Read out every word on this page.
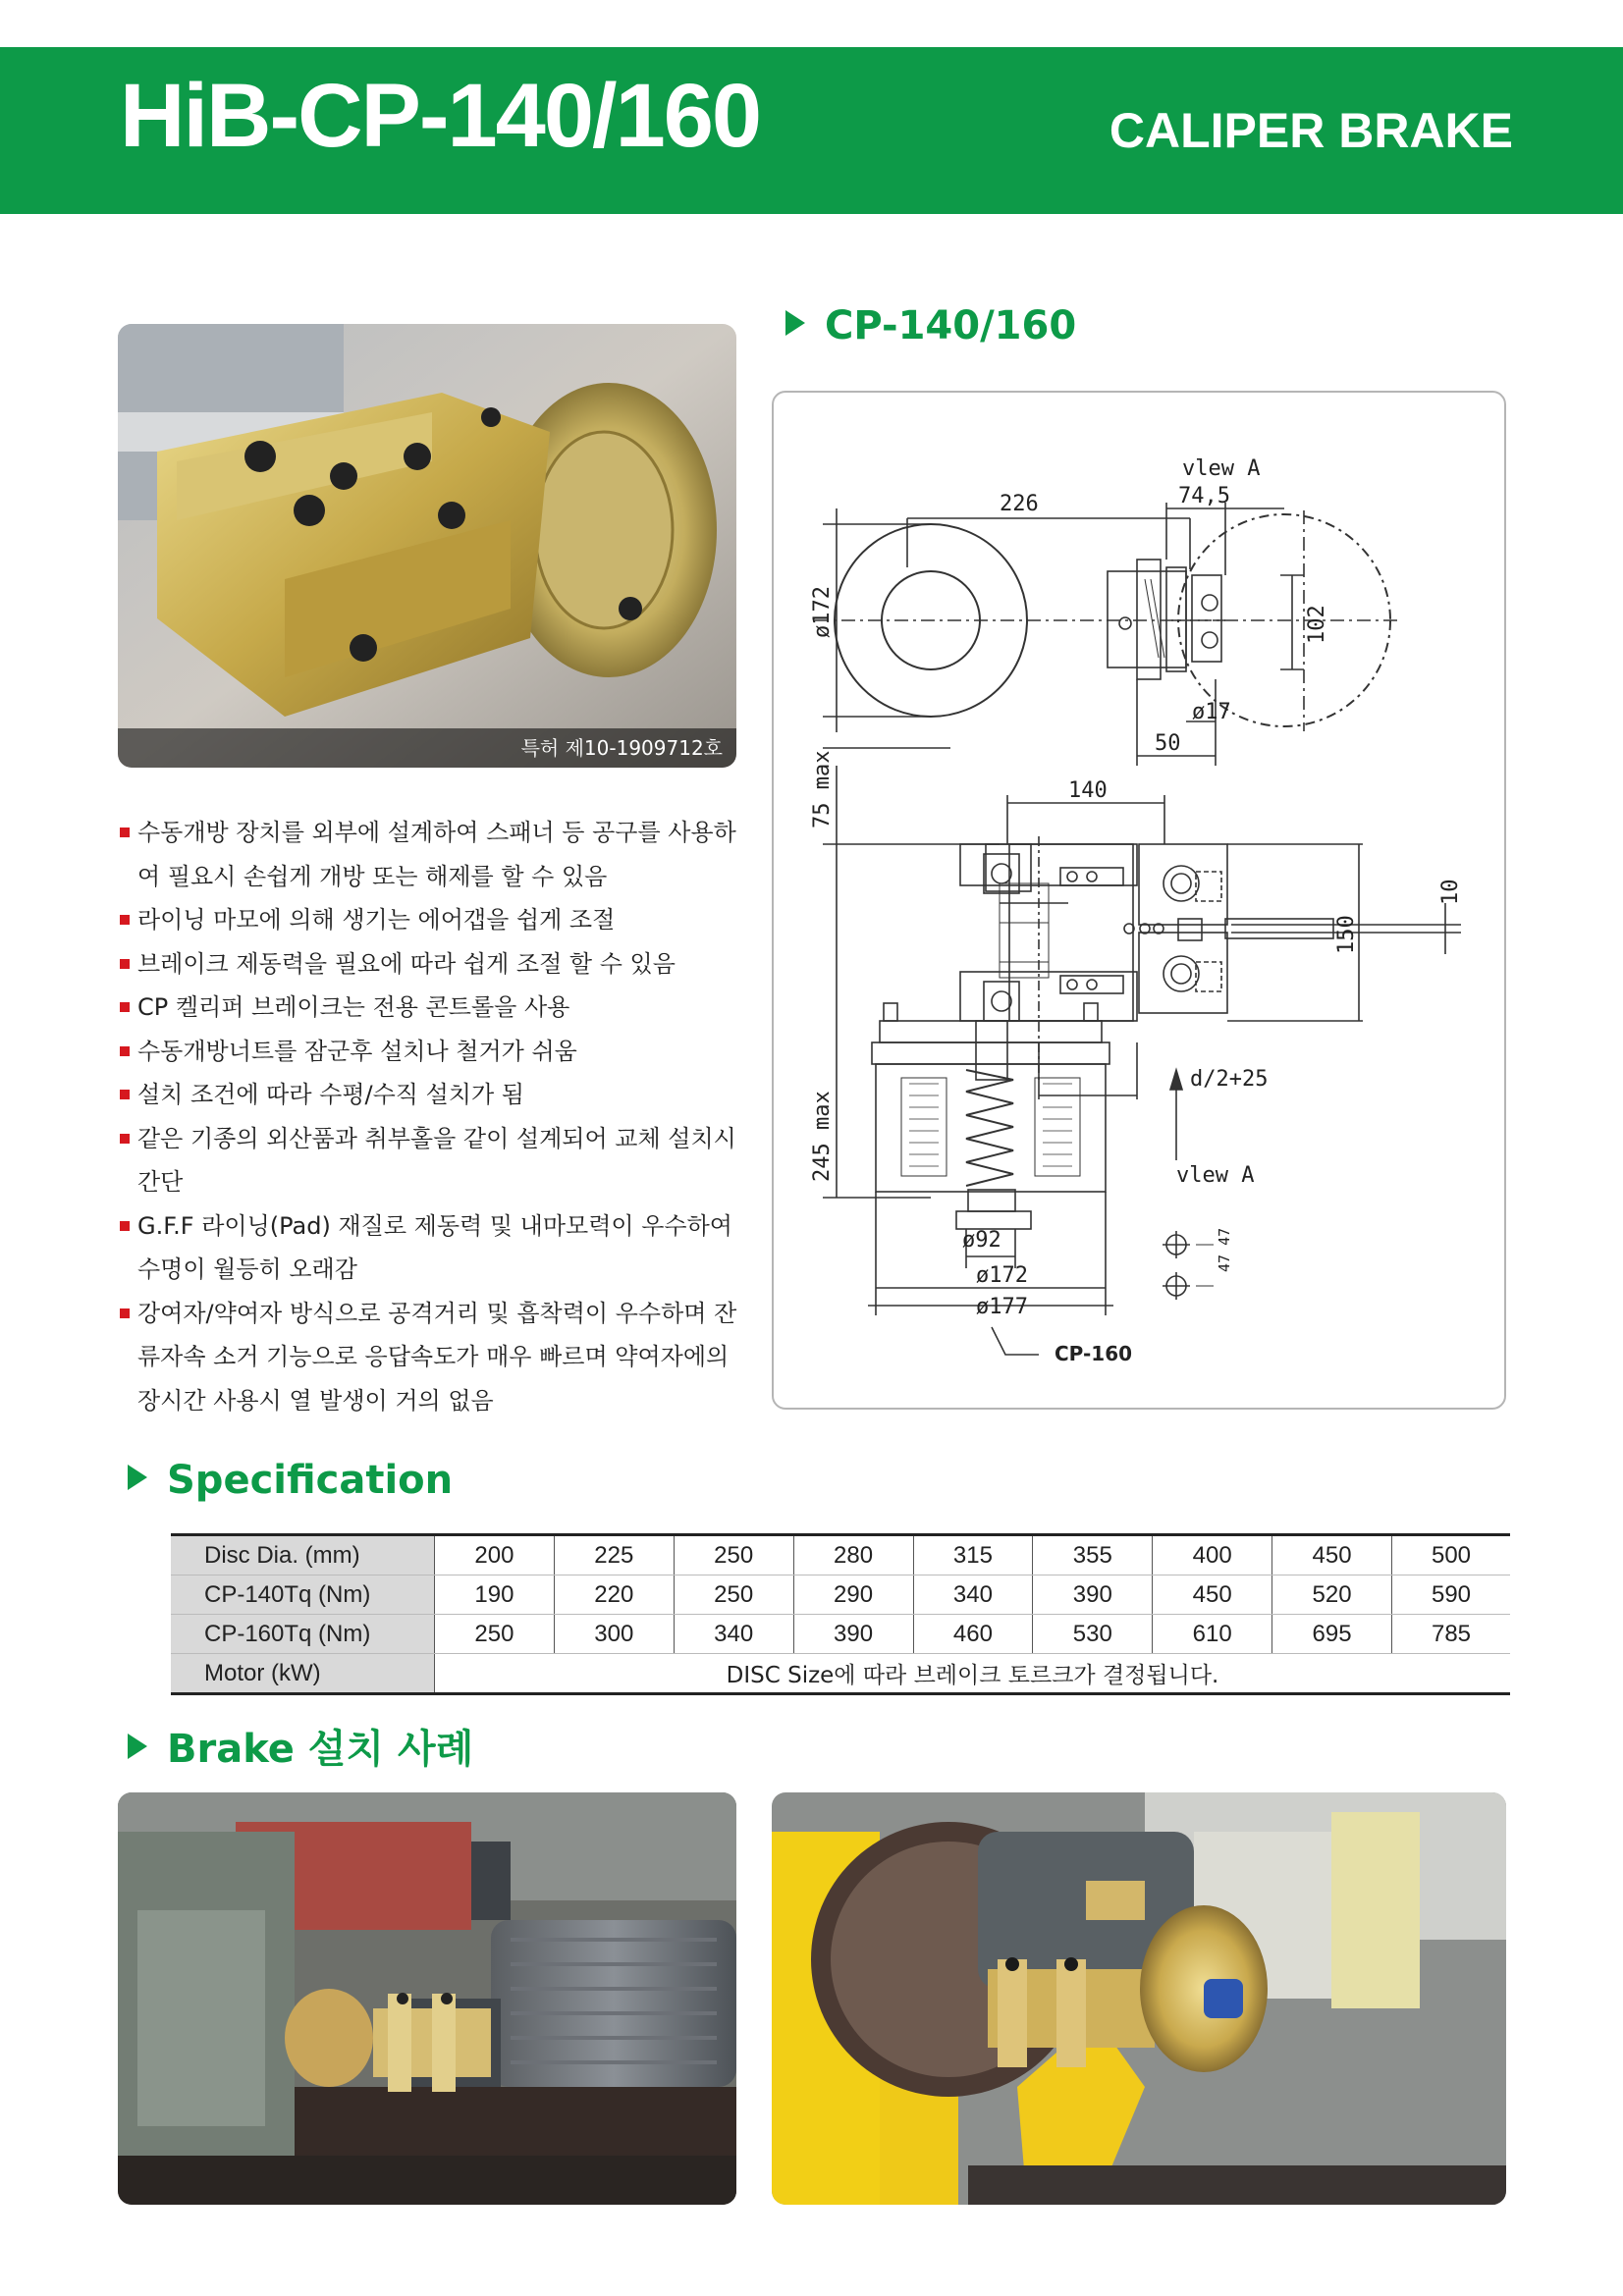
HiB-CP-140/160	CALIPER BRAKE
특허 제10-1909712호
수동개방 장치를 외부에 설계하여 스패너 등 공구를 사용하여 필요시 손쉽게 개방 또는 해제를 할 수 있음
라이닝 마모에 의해 생기는 에어갭을 쉽게 조절
브레이크 제동력을 필요에 따라 쉽게 조절 할 수 있음
CP 켈리퍼 브레이크는 전용 콘트롤을 사용
수동개방너트를 잠군후 설치나 철거가 쉬움
설치 조건에 따라 수평/수직 설치가 됨
같은 기종의 외산품과 취부홀을 같이 설계되어 교체 설치시 간단
G.F.F 라이닝(Pad) 재질로 제동력 및 내마모력이 우수하여 수명이 월등히 오래감
강여자/약여자 방식으로 공격거리 및 흡착력이 우수하며 잔류자속 소거 기능으로 응답속도가 매우 빠르며 약여자에의 장시간 사용시 열 발생이 거의 없음
CP-140/160
vlew A
226	74,5
ø172	102
ø17
50
75 max	140
10
150
d/2+25
245 max	vlew A
47 47
ø92
ø172
ø177
CP-160
Specification
Disc Dia. (mm)	200	225	250	280	315	355	400	450	500
CP-140Tq (Nm)	190	220	250	290	340	390	450	520	590
CP-160Tq (Nm)	250	300	340	390	460	530	610	695	785
Motor (kW)	DISC Size에 따라 브레이크 토르크가 결정됩니다.								
Brake 설치 사례
